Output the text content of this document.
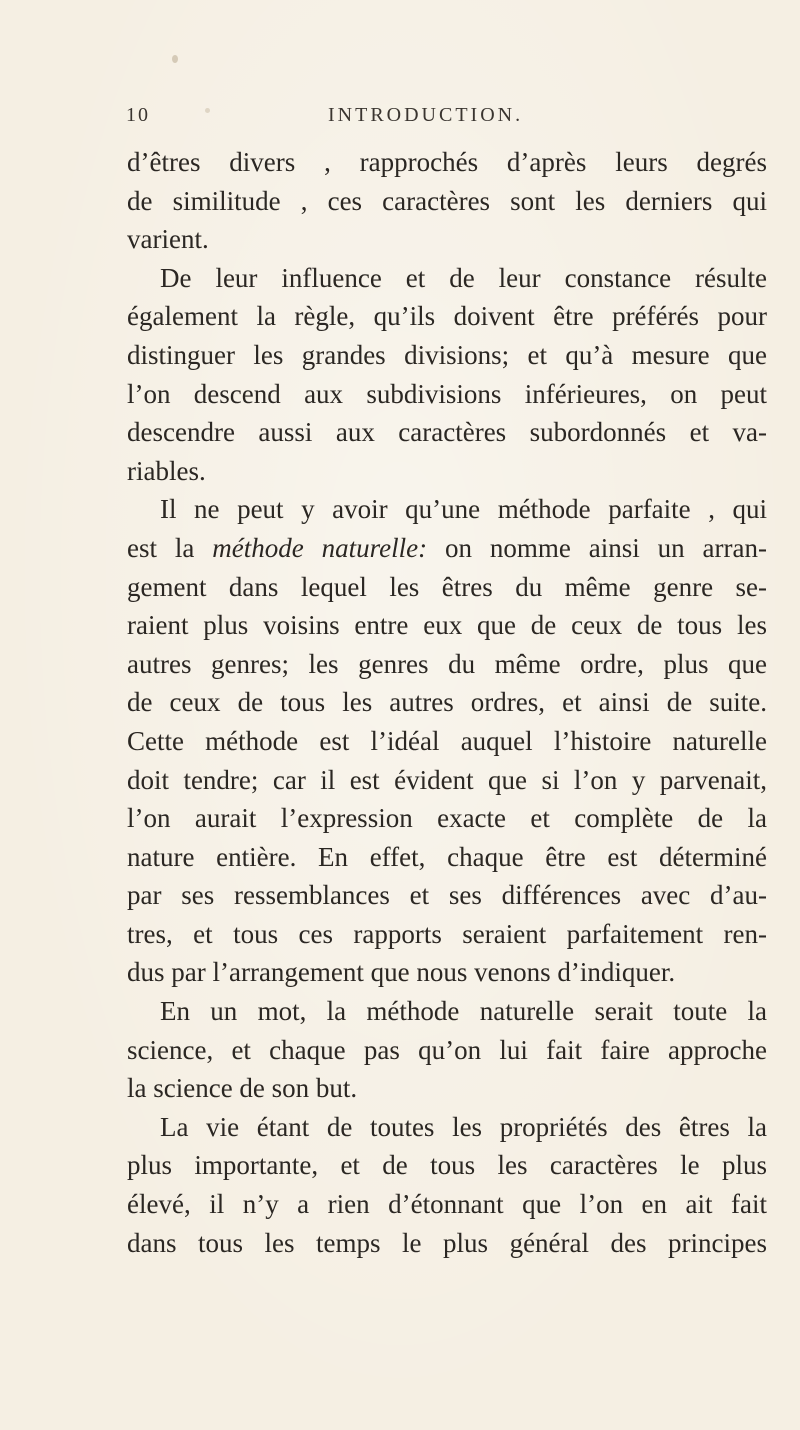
10	INTRODUCTION.
d’êtres divers , rapprochés d’après leurs degrés
de similitude , ces caractères sont les derniers qui
varient.
De leur influence et de leur constance résulte
également la règle, qu’ils doivent être préférés pour
distinguer les grandes divisions; et qu’à mesure que
l’on descend aux subdivisions inférieures, on peut
descendre aussi aux caractères subordonnés et va-
riables.
Il ne peut y avoir qu’une méthode parfaite , qui
est la méthode naturelle: on nomme ainsi un arran-
gement dans lequel les êtres du même genre se-
raient plus voisins entre eux que de ceux de tous les
autres genres; les genres du même ordre, plus que
de ceux de tous les autres ordres, et ainsi de suite.
Cette méthode est l’idéal auquel l’histoire naturelle
doit tendre; car il est évident que si l’on y parvenait,
l’on aurait l’expression exacte et complète de la
nature entière. En effet, chaque être est déterminé
par ses ressemblances et ses différences avec d’au-
tres, et tous ces rapports seraient parfaitement ren-
dus par l’arrangement que nous venons d’indiquer.
En un mot, la méthode naturelle serait toute la
science, et chaque pas qu’on lui fait faire approche
la science de son but.
La vie étant de toutes les propriétés des êtres la
plus importante, et de tous les caractères le plus
élevé, il n’y a rien d’étonnant que l’on en ait fait
dans tous les temps le plus général des principes
